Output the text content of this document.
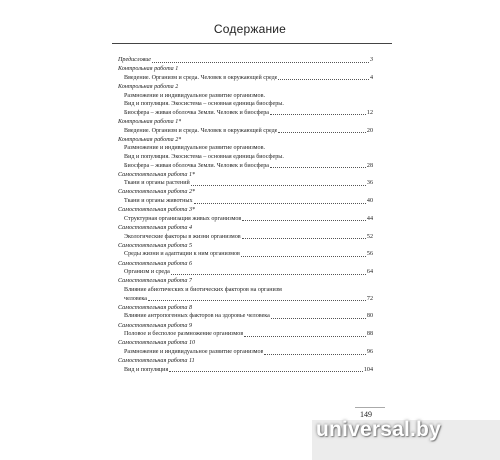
Содержание
Предисловие	3
Контрольная работа 1
Введение. Организм и среда. Человек в окружающей среде	4
Контрольная работа 2
Размножение и индивидуальное развитие организмов.
Вид и популяция. Экосистема – основная единица биосферы.
Биосфера – живая оболочка Земли. Человек и биосфера	12
Контрольная работа 1*
Введение. Организм и среда. Человек в окружающей среде	20
Контрольная работа 2*
Размножение и индивидуальное развитие организмов.
Вид и популяция. Экосистема – основная единица биосферы.
Биосфера – живая оболочка Земли. Человек и биосфера	28
Самостоятельная работа 1*
Ткани и органы растений	36
Самостоятельная работа 2*
Ткани и органы животных	40
Самостоятельная работа 3*
Структурная организация живых организмов	44
Самостоятельная работа 4
Экологические факторы в жизни организмов	52
Самостоятельная работа 5
Среды жизни и адаптации к ним организмов	56
Самостоятельная работа 6
Организм и среда	64
Самостоятельная работа 7
Влияние абиотических и биотических факторов на организм
человека	72
Самостоятельная работа 8
Влияние антропогенных факторов на здоровье человека	80
Самостоятельная работа 9
Половое и бесполое размножение организмов	88
Самостоятельная работа 10
Размножение и индивидуальное развитие организмов	96
Самостоятельная работа 11
Вид и популяция	104
149
universal.by
